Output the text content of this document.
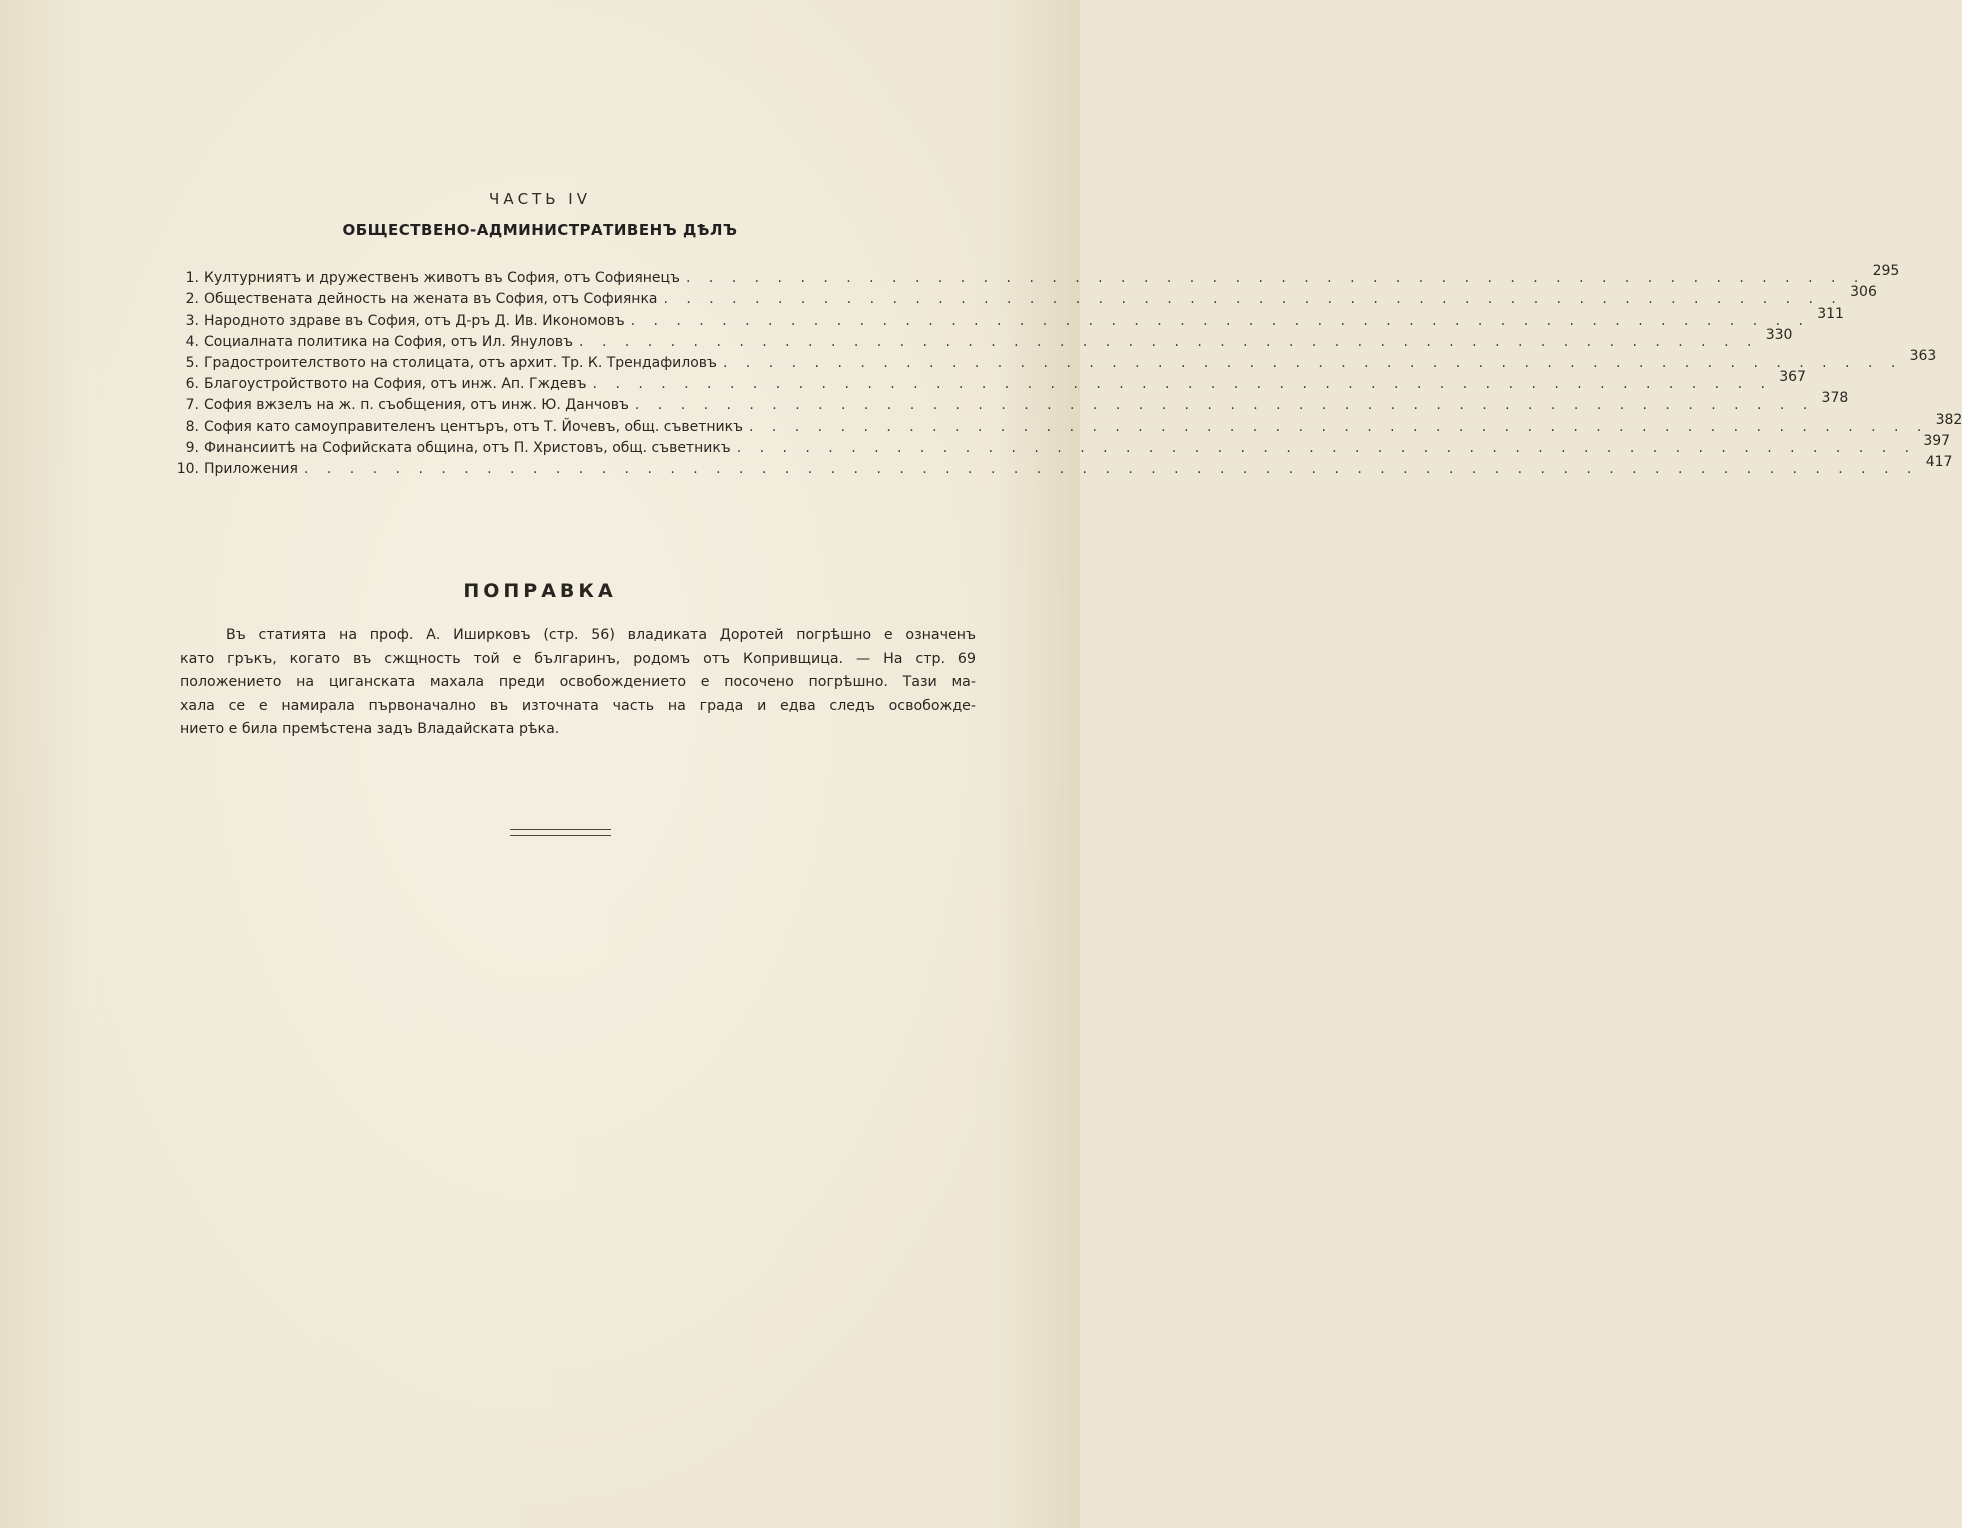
ЧАСТЬ IV
ОБЩЕСТВЕНО-АДМИНИСТРАТИВЕНЪ ДѢЛЪ
1. Културниятъ и дружественъ животъ въ София, отъ Софиянецъ . . . . . . . . . . . . . . . . . . . . . . . . . . . . . . . . . . . . . . . . . . . . . . . . . . . . 295
2. Обществената дейность на жената въ София, отъ Софиянка . . . . . . . . . . . . . . . . . . . . . . . . . . . . . . . . . . . . . . . . . . . . . . . . . . . . 306
3. Народното здраве въ София, отъ Д-ръ Д. Ив. Икономовъ . . . . . . . . . . . . . . . . . . . . . . . . . . . . . . . . . . . . . . . . . . . . . . . . . . . . 311
4. Социалната политика на София, отъ Ил. Януловъ . . . . . . . . . . . . . . . . . . . . . . . . . . . . . . . . . . . . . . . . . . . . . . . . . . . . 330
5. Градостроителството на столицата, отъ архит. Тр. К. Трендафиловъ . . . . . . . . . . . . . . . . . . . . . . . . . . . . . . . . . . . . . . . . . . . . . . . . . . . . 363
6. Благоустройството на София, отъ инж. Ап. Гждевъ . . . . . . . . . . . . . . . . . . . . . . . . . . . . . . . . . . . . . . . . . . . . . . . . . . . . 367
7. София вжзелъ на ж. п. съобщения, отъ инж. Ю. Данчовъ . . . . . . . . . . . . . . . . . . . . . . . . . . . . . . . . . . . . . . . . . . . . . . . . . . . . 378
8. София като самоуправителенъ центъръ, отъ Т. Йочевъ, общ. съветникъ . . . . . . . . . . . . . . . . . . . . . . . . . . . . . . . . . . . . . . . . . . . . . . . . . . . . 382
9. Финансиитѣ на Софийската община, отъ П. Христовъ, общ. съветникъ . . . . . . . . . . . . . . . . . . . . . . . . . . . . . . . . . . . . . . . . . . . . . . . . . . . . 397
10. Приложения . . . . . . . . . . . . . . . . . . . . . . . . . . . . . . . . . . . . . . . . . . . . . . . . . . . . . . . . . . . . . . . . . . . . . . . 417
ПОПРАВКА
Въ статията на проф. А. Иширковъ (стр. 56) владиката Доротей погрѣшно е означенъ
като гръкъ, когато въ сжщность той е българинъ, родомъ отъ Копривщица. — На стр. 69
положението на циганската махала преди освобождението е посочено погрѣшно. Тази ма-
хала се е намирала първоначално въ източната часть на града и едва следъ освобожде-
нието е била премѣстена задъ Владайската рѣка.
